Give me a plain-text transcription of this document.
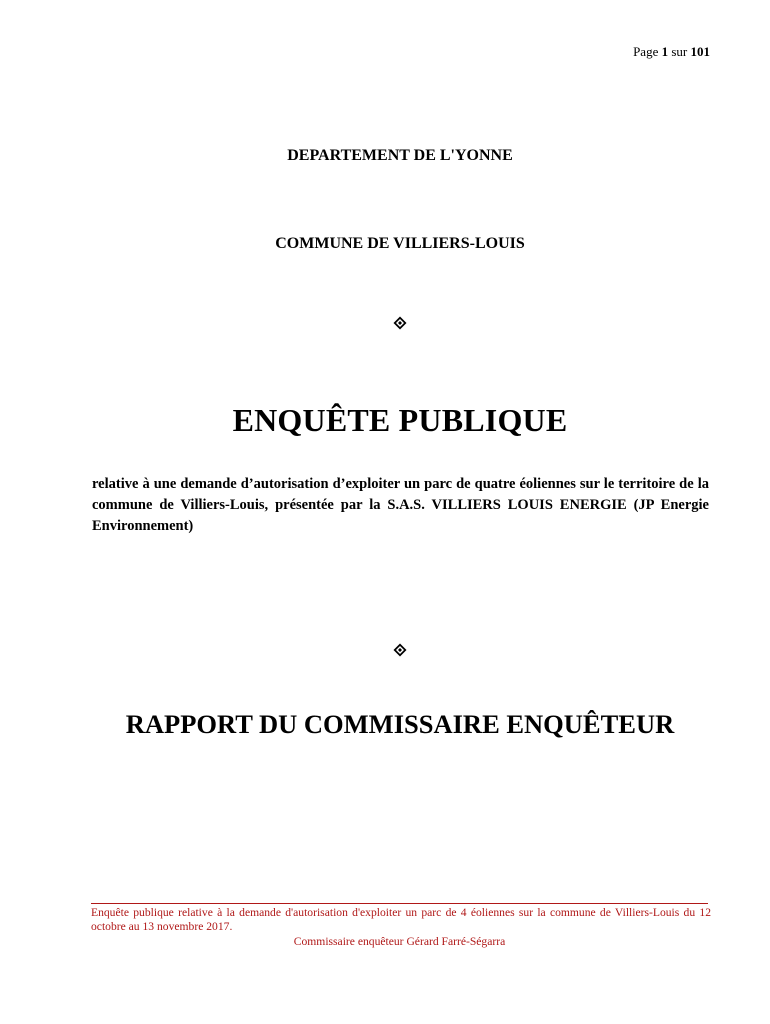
Page 1 sur 101
DEPARTEMENT DE L'YONNE
COMMUNE DE VILLIERS-LOUIS
ENQUÊTE PUBLIQUE
relative à une demande d’autorisation d’exploiter un parc de quatre éoliennes sur le territoire de la commune de Villiers-Louis, présentée par la S.A.S. VILLIERS LOUIS ENERGIE (JP Energie Environnement)
RAPPORT DU COMMISSAIRE ENQUÊTEUR
Enquête publique relative à la demande d'autorisation d'exploiter un parc de 4 éoliennes sur la commune de Villiers-Louis du 12 octobre au 13 novembre 2017.
Commissaire enquêteur Gérard Farré-Ségarra
